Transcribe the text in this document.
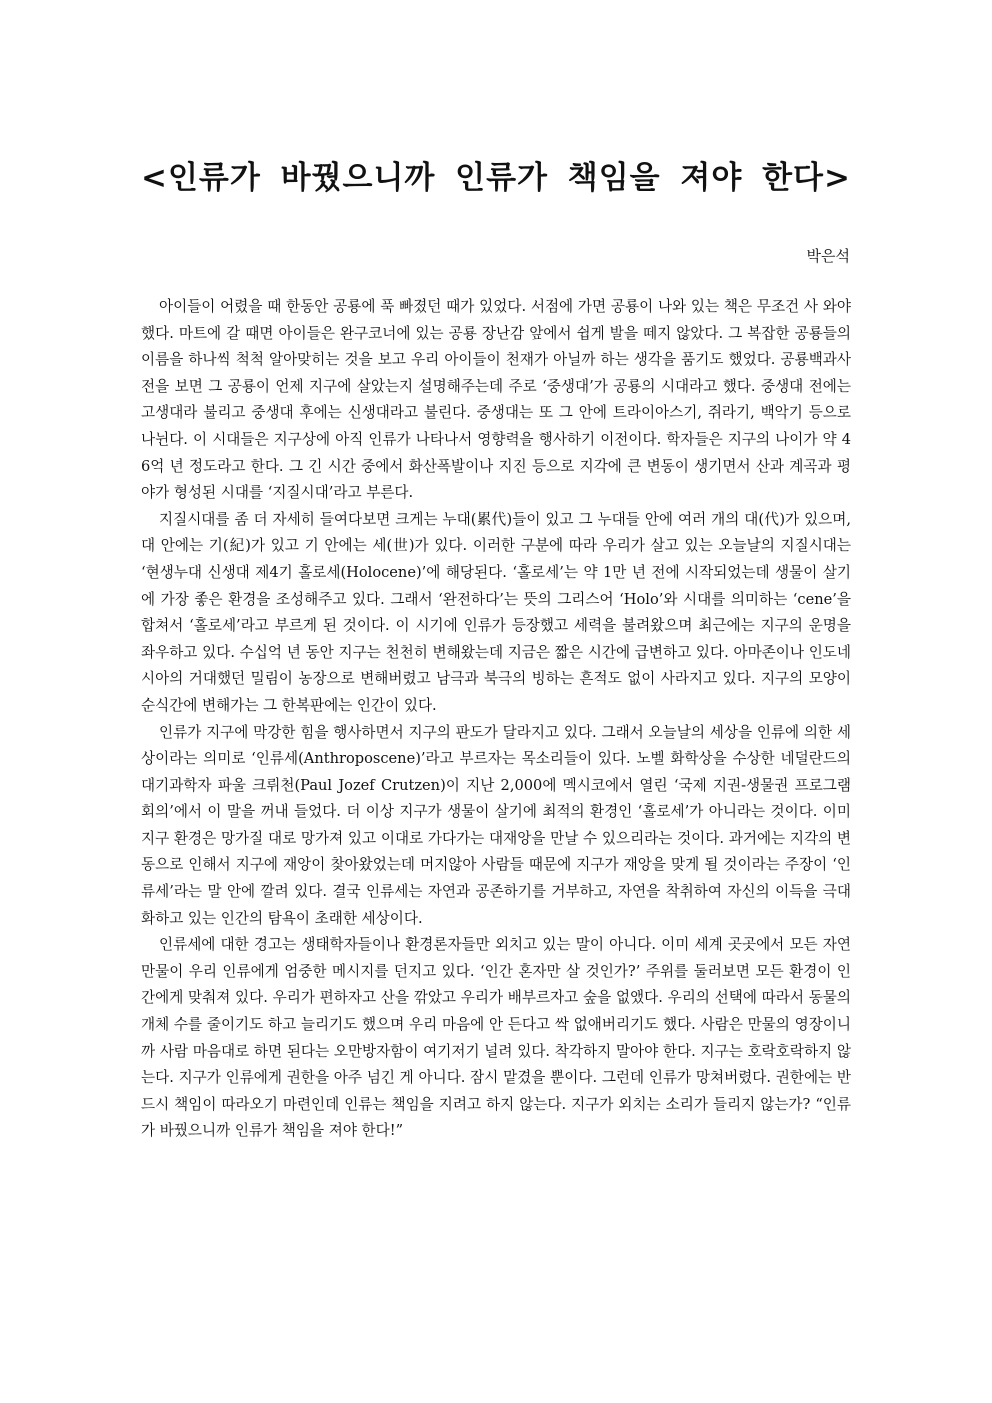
<인류가 바꿨으니까 인류가 책임을 져야 한다>
박은석

아이들이 어렸을 때 한동안 공룡에 푹 빠졌던 때가 있었다. 서점에 가면 공룡이 나와 있는 책은 무조건 사 와야 했다. 마트에 갈 때면 아이들은 완구코너에 있는 공룡 장난감 앞에서 쉽게 발을 떼지 않았다. 그 복잡한 공룡들의 이름을 하나씩 척척 알아맞히는 것을 보고 우리 아이들이 천재가 아닐까 하는 생각을 품기도 했었다. 공룡백과사전을 보면 그 공룡이 언제 지구에 살았는지 설명해주는데 주로 ‘중생대’가 공룡의 시대라고 했다. 중생대 전에는 고생대라 불리고 중생대 후에는 신생대라고 불린다. 중생대는 또 그 안에 트라이아스기, 쥐라기, 백악기 등으로 나뉜다. 이 시대들은 지구상에 아직 인류가 나타나서 영향력을 행사하기 이전이다. 학자들은 지구의 나이가 약 46억 년 정도라고 한다. 그 긴 시간 중에서 화산폭발이나 지진 등으로 지각에 큰 변동이 생기면서 산과 계곡과 평야가 형성된 시대를 ‘지질시대’라고 부른다.

지질시대를 좀 더 자세히 들여다보면 크게는 누대(累代)들이 있고 그 누대들 안에 여러 개의 대(代)가 있으며, 대 안에는 기(紀)가 있고 기 안에는 세(世)가 있다. 이러한 구분에 따라 우리가 살고 있는 오늘날의 지질시대는 ‘현생누대 신생대 제4기 홀로세(Holocene)’에 해당된다. ‘홀로세’는 약 1만 년 전에 시작되었는데 생물이 살기에 가장 좋은 환경을 조성해주고 있다. 그래서 ‘완전하다’는 뜻의 그리스어 ‘Holo’와 시대를 의미하는 ‘cene’을 합쳐서 ‘홀로세’라고 부르게 된 것이다. 이 시기에 인류가 등장했고 세력을 불려왔으며 최근에는 지구의 운명을 좌우하고 있다. 수십억 년 동안 지구는 천천히 변해왔는데 지금은 짧은 시간에 급변하고 있다. 아마존이나 인도네시아의 거대했던 밀림이 농장으로 변해버렸고 남극과 북극의 빙하는 흔적도 없이 사라지고 있다. 지구의 모양이 순식간에 변해가는 그 한복판에는 인간이 있다.

인류가 지구에 막강한 힘을 행사하면서 지구의 판도가 달라지고 있다. 그래서 오늘날의 세상을 인류에 의한 세상이라는 의미로 ‘인류세(Anthroposcene)’라고 부르자는 목소리들이 있다. 노벨 화학상을 수상한 네덜란드의 대기과학자 파울 크뤼천(Paul Jozef Crutzen)이 지난 2,000에 멕시코에서 열린 ‘국제 지권-생물권 프로그램 회의’에서 이 말을 꺼내 들었다. 더 이상 지구가 생물이 살기에 최적의 환경인 ‘홀로세’가 아니라는 것이다. 이미 지구 환경은 망가질 대로 망가져 있고 이대로 가다가는 대재앙을 만날 수 있으리라는 것이다. 과거에는 지각의 변동으로 인해서 지구에 재앙이 찾아왔었는데 머지않아 사람들 때문에 지구가 재앙을 맞게 될 것이라는 주장이 ‘인류세’라는 말 안에 깔려 있다. 결국 인류세는 자연과 공존하기를 거부하고, 자연을 착취하여 자신의 이득을 극대화하고 있는 인간의 탐욕이 초래한 세상이다.

인류세에 대한 경고는 생태학자들이나 환경론자들만 외치고 있는 말이 아니다. 이미 세계 곳곳에서 모든 자연 만물이 우리 인류에게 엄중한 메시지를 던지고 있다. ‘인간 혼자만 살 것인가?’ 주위를 둘러보면 모든 환경이 인간에게 맞춰져 있다. 우리가 편하자고 산을 깎았고 우리가 배부르자고 숲을 없앴다. 우리의 선택에 따라서 동물의 개체 수를 줄이기도 하고 늘리기도 했으며 우리 마음에 안 든다고 싹 없애버리기도 했다. 사람은 만물의 영장이니까 사람 마음대로 하면 된다는 오만방자함이 여기저기 널려 있다. 착각하지 말아야 한다. 지구는 호락호락하지 않는다. 지구가 인류에게 권한을 아주 넘긴 게 아니다. 잠시 맡겼을 뿐이다. 그런데 인류가 망쳐버렸다. 권한에는 반드시 책임이 따라오기 마련인데 인류는 책임을 지려고 하지 않는다. 지구가 외치는 소리가 들리지 않는가? “인류가 바꿨으니까 인류가 책임을 져야 한다!”
